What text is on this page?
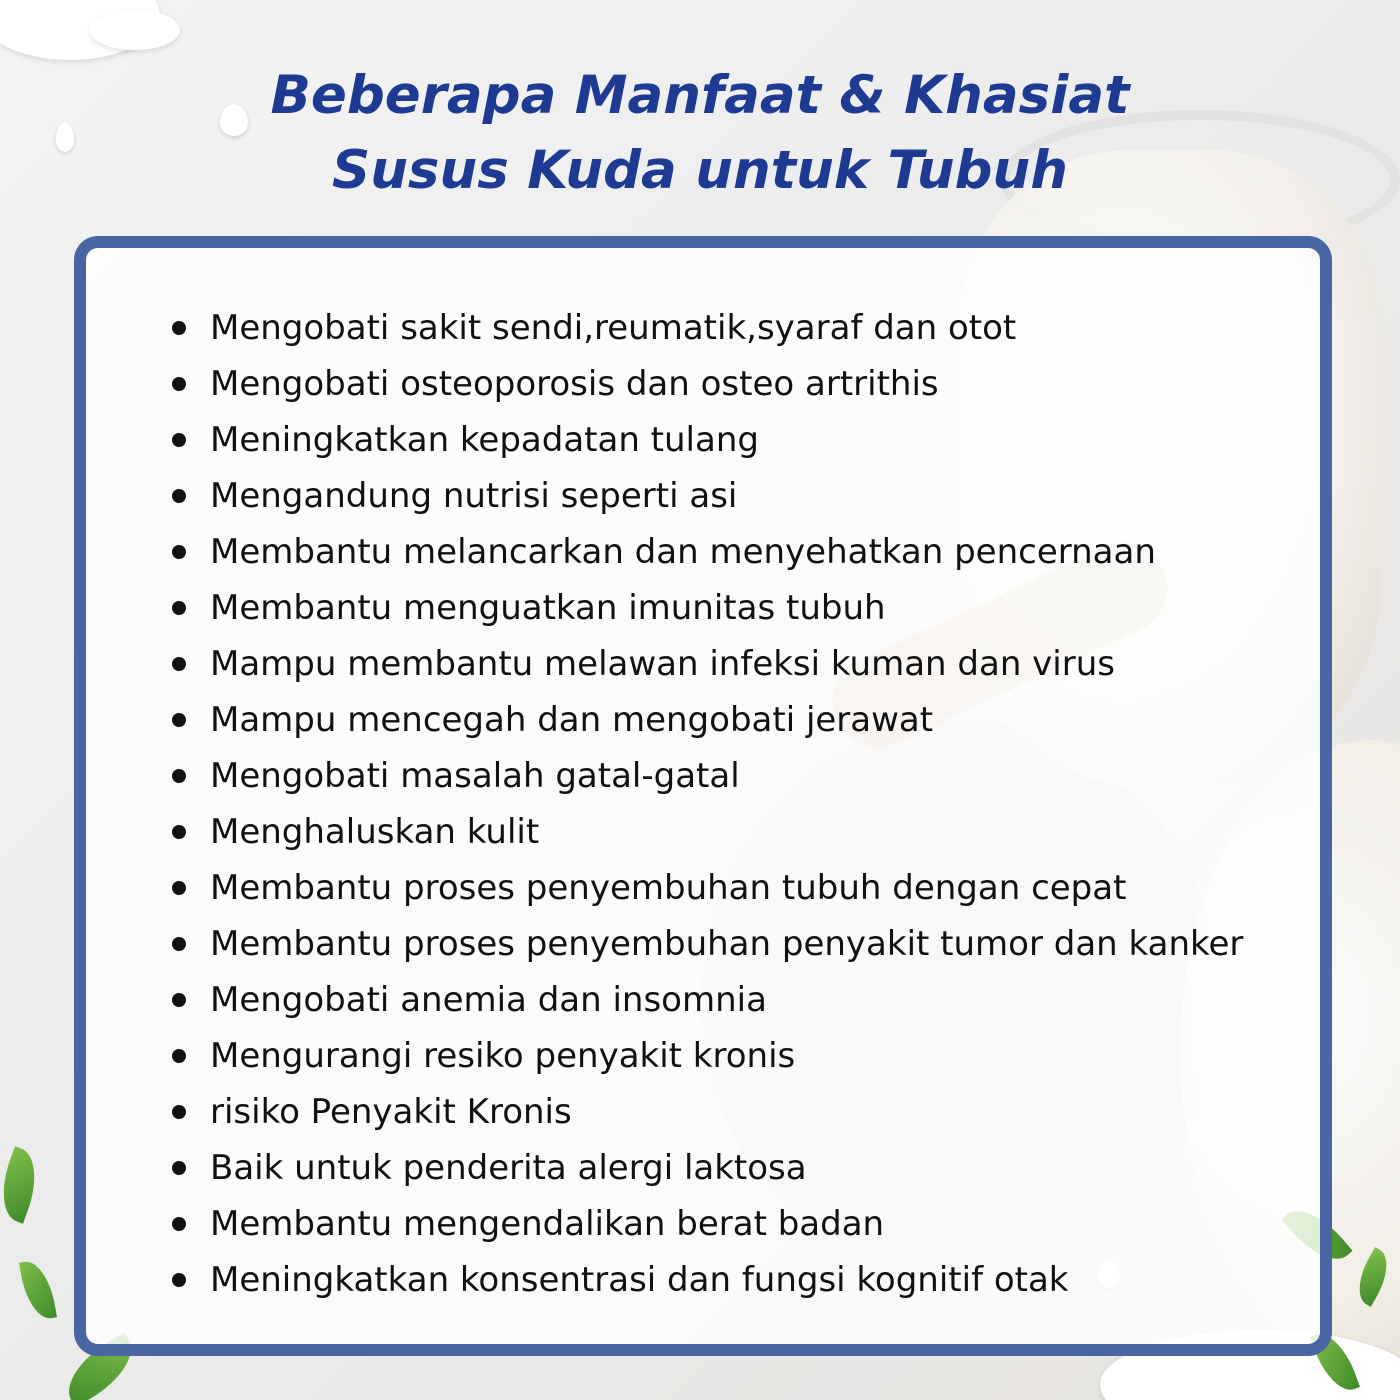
Beberapa Manfaat & Khasiat
Susus Kuda untuk Tubuh
Mengobati sakit sendi,reumatik,syaraf dan otot
Mengobati osteoporosis dan osteo artrithis
Meningkatkan kepadatan tulang
Mengandung nutrisi seperti asi
Membantu melancarkan dan menyehatkan pencernaan
Membantu menguatkan imunitas tubuh
Mampu membantu melawan infeksi kuman dan virus
Mampu mencegah dan mengobati jerawat
Mengobati masalah gatal-gatal
Menghaluskan kulit
Membantu proses penyembuhan tubuh dengan cepat
Membantu proses penyembuhan penyakit tumor dan kanker
Mengobati anemia dan insomnia
Mengurangi resiko penyakit kronis
risiko Penyakit Kronis
Baik untuk penderita alergi laktosa
Membantu mengendalikan berat badan
Meningkatkan konsentrasi dan fungsi kognitif otak
